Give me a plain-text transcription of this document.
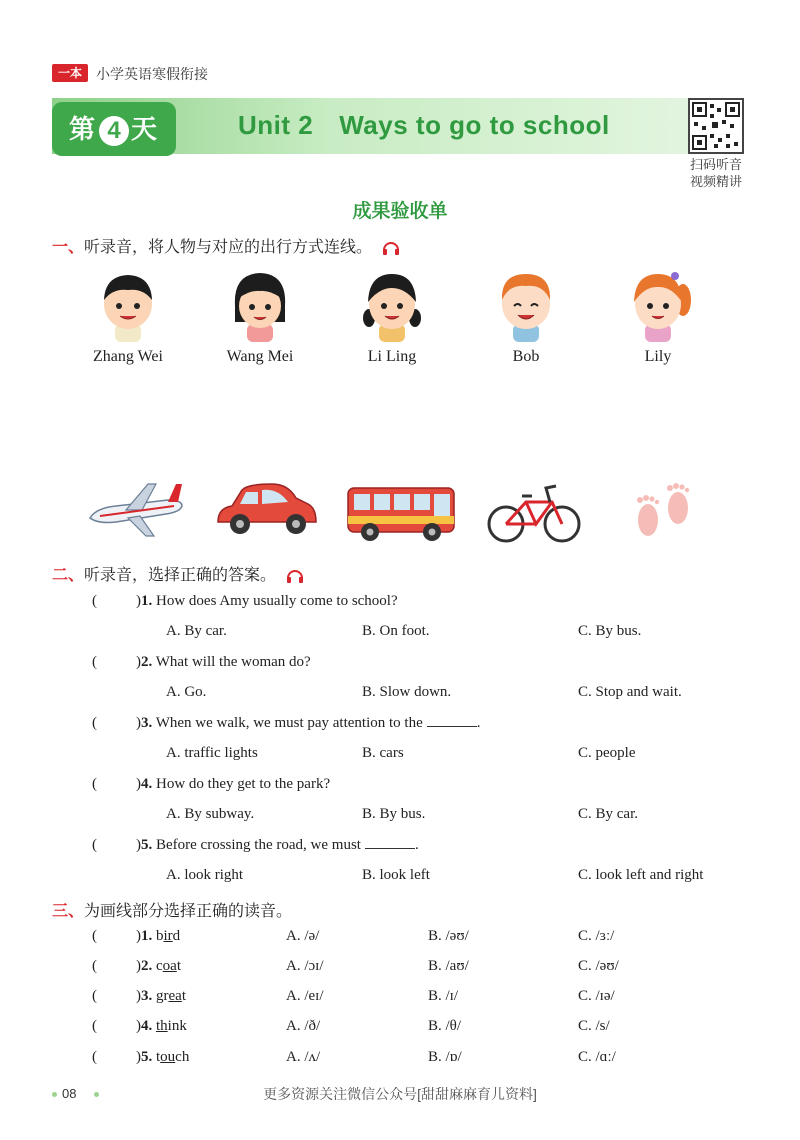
一本	小学英语寒假衔接
第 4 天	Unit 2 Ways to go to school
扫码听音
视频精讲
成果验收单
一、听录音，将人物与对应的出行方式连线。
Zhang Wei	Wang Mei	Li Ling	Bob	Lily
二、听录音，选择正确的答案。
(	)1. How does Amy usually come to school?
A. By car.	B. On foot.	C. By bus.
(	)2. What will the woman do?
A. Go.	B. Slow down.	C. Stop and wait.
(	)3. When we walk, we must pay attention to the	.
A. traffic lights	B. cars	C. people
(	)4. How do they get to the park?
A. By subway.	B. By bus.	C. By car.
(	)5. Before crossing the road, we must	.
A. look right	B. look left	C. look left and right
三、为画线部分选择正确的读音。
(	)1. bird	A. /ə/	B. /əʊ/	C. /ɜː/
(	)2. coat	A. /ɔɪ/	B. /aʊ/	C. /əʊ/
(	)3. great	A. /eɪ/	B. /ɪ/	C. /ɪə/
(	)4. think	A. /ð/	B. /θ/	C. /s/
(	)5. touch	A. /ʌ/	B. /ɒ/	C. /ɑː/
08	更多资源关注微信公众号[甜甜麻麻育儿资料]
